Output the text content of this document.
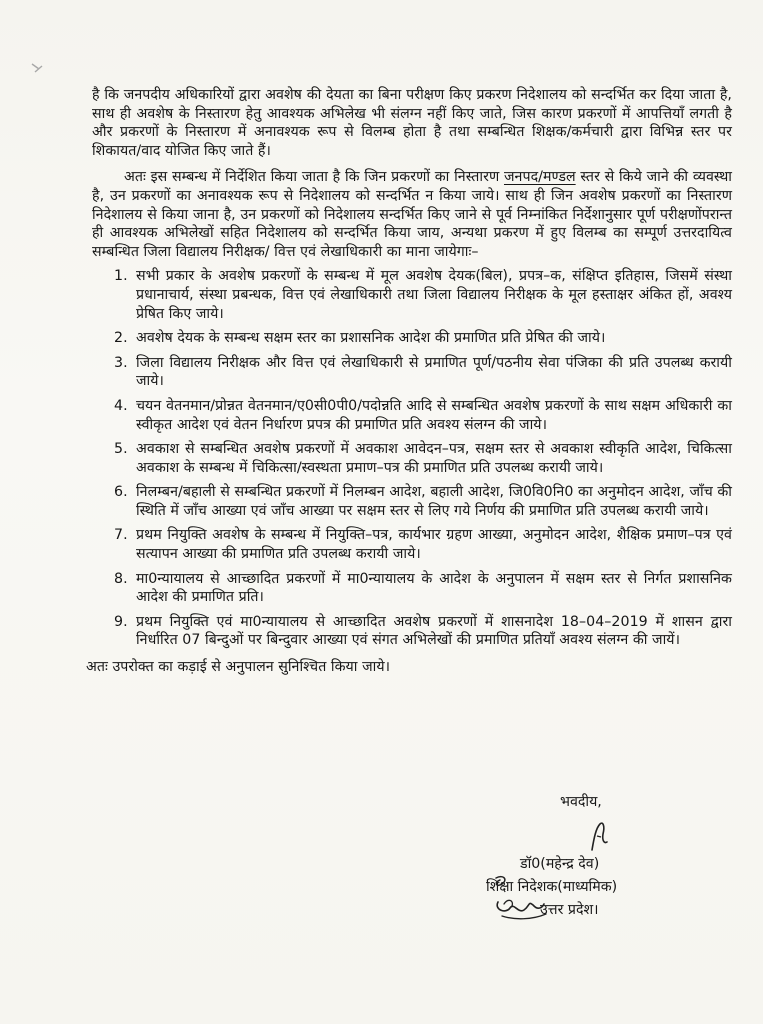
है कि जनपदीय अधिकारियों द्वारा अवशेष की देयता का बिना परीक्षण किए प्रकरण निदेशालय को सन्दर्भित कर दिया जाता है, साथ ही अवशेष के निस्तारण हेतु आवश्यक अभिलेख भी संलग्न नहीं किए जाते, जिस कारण प्रकरणों में आपत्तियाँ लगती है और प्रकरणों के निस्तारण में अनावश्यक रूप से विलम्ब होता है तथा सम्बन्धित शिक्षक/कर्मचारी द्वारा विभिन्न स्तर पर शिकायत/वाद योजित किए जाते हैं।

अतः इस सम्बन्ध में निर्देशित किया जाता है कि जिन प्रकरणों का निस्तारण जनपद/मण्डल स्तर से किये जाने की व्यवस्था है, उन प्रकरणों का अनावश्यक रूप से निदेशालय को सन्दर्भित न किया जाये। साथ ही जिन अवशेष प्रकरणों का निस्तारण निदेशालय से किया जाना है, उन प्रकरणों को निदेशालय सन्दर्भित किए जाने से पूर्व निम्नांकित निर्देशानुसार पूर्ण परीक्षणोंपरान्त ही आवश्यक अभिलेखों सहित निदेशालय को सन्दर्भित किया जाय, अन्यथा प्रकरण में हुए विलम्ब का सम्पूर्ण उत्तरदायित्व सम्बन्धित जिला विद्यालय निरीक्षक/ वित्त एवं लेखाधिकारी का माना जायेगाः–

1 . सभी प्रकार के अवशेष प्रकरणों के सम्बन्ध में मूल अवशेष देयक(बिल), प्रपत्र–क, संक्षिप्त इतिहास, जिसमें संस्था प्रधानाचार्य, संस्था प्रबन्धक, वित्त एवं लेखाधिकारी तथा जिला विद्यालय निरीक्षक के मूल हस्ताक्षर अंकित हों, अवश्य प्रेषित किए जाये।
2 . अवशेष देयक के सम्बन्ध सक्षम स्तर का प्रशासनिक आदेश की प्रमाणित प्रति प्रेषित की जाये।
3 . जिला विद्यालय निरीक्षक और वित्त एवं लेखाधिकारी से प्रमाणित पूर्ण/पठनीय सेवा पंजिका की प्रति उपलब्ध करायी जाये।
4 . चयन वेतनमान/प्रोन्नत वेतनमान/ए0सी0पी0/पदोन्नति आदि से सम्बन्धित अवशेष प्रकरणों के साथ सक्षम अधिकारी का स्वीकृत आदेश एवं वेतन निर्धारण प्रपत्र की प्रमाणित प्रति अवश्य संलग्न की जाये।
5 . अवकाश से सम्बन्धित अवशेष प्रकरणों में अवकाश आवेदन–पत्र, सक्षम स्तर से अवकाश स्वीकृति आदेश, चिकित्सा अवकाश के सम्बन्ध में चिकित्सा/स्वस्थता प्रमाण–पत्र की प्रमाणित प्रति उपलब्ध करायी जाये।
6 . निलम्बन/बहाली से सम्बन्धित प्रकरणों में निलम्बन आदेश, बहाली आदेश, जि0वि0नि0 का अनुमोदन आदेश, जाँच की स्थिति में जाँच आख्या एवं जाँच आख्या पर सक्षम स्तर से लिए गये निर्णय की प्रमाणित प्रति उपलब्ध करायी जाये।
7 . प्रथम नियुक्ति अवशेष के सम्बन्ध में नियुक्ति–पत्र, कार्यभार ग्रहण आख्या, अनुमोदन आदेश, शैक्षिक प्रमाण–पत्र एवं सत्यापन आख्या की प्रमाणित प्रति उपलब्ध करायी जाये।
8 . मा0न्यायालय से आच्छादित प्रकरणों में मा0न्यायालय के आदेश के अनुपालन में सक्षम स्तर से निर्गत प्रशासनिक आदेश की प्रमाणित प्रति।
9 . प्रथम नियुक्ति एवं मा0न्यायालय से आच्छादित अवशेष प्रकरणों में शासनादेश 18–04–2019 में शासन द्वारा निर्धारित 07 बिन्दुओं पर बिन्दुवार आख्या एवं संगत अभिलेखों की प्रमाणित प्रतियाँ अवश्य संलग्न की जायें।

अतः उपरोक्त का कड़ाई से अनुपालन सुनिश्चित किया जाये।

भवदीय,
डॉ0(महेन्द्र देव)
शिक्षा निदेशक(माध्यमिक)
उत्तर प्रदेश।
